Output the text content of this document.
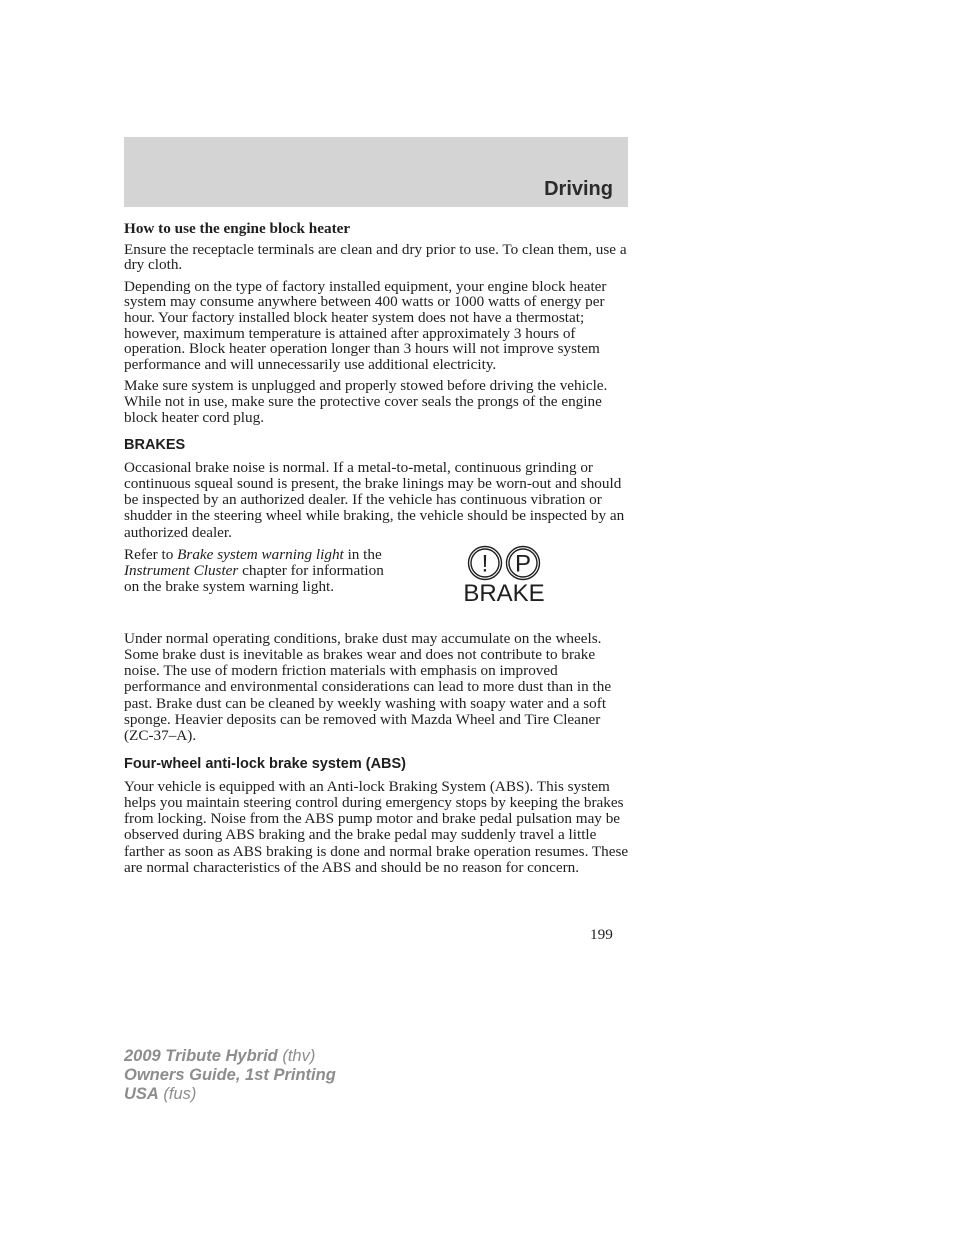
Driving
How to use the engine block heater

Ensure the receptacle terminals are clean and dry prior to use. To clean them, use a dry cloth.

Depending on the type of factory installed equipment, your engine block heater system may consume anywhere between 400 watts or 1000 watts of energy per hour. Your factory installed block heater system does not have a thermostat; however, maximum temperature is attained after approximately 3 hours of operation. Block heater operation longer than 3 hours will not improve system performance and will unnecessarily use additional electricity.

Make sure system is unplugged and properly stowed before driving the vehicle. While not in use, make sure the protective cover seals the prongs of the engine block heater cord plug.

BRAKES

Occasional brake noise is normal. If a metal-to-metal, continuous grinding or continuous squeal sound is present, the brake linings may be worn-out and should be inspected by an authorized dealer. If the vehicle has continuous vibration or shudder in the steering wheel while braking, the vehicle should be inspected by an authorized dealer.

Refer to Brake system warning light in the Instrument Cluster chapter for information on the brake system warning light.
! P
BRAKE

Under normal operating conditions, brake dust may accumulate on the wheels. Some brake dust is inevitable as brakes wear and does not contribute to brake noise. The use of modern friction materials with emphasis on improved performance and environmental considerations can lead to more dust than in the past. Brake dust can be cleaned by weekly washing with soapy water and a soft sponge. Heavier deposits can be removed with Mazda Wheel and Tire Cleaner (ZC-37–A).

Four-wheel anti-lock brake system (ABS)

Your vehicle is equipped with an Anti-lock Braking System (ABS). This system helps you maintain steering control during emergency stops by keeping the brakes from locking. Noise from the ABS pump motor and brake pedal pulsation may be observed during ABS braking and the brake pedal may suddenly travel a little farther as soon as ABS braking is done and normal brake operation resumes. These are normal characteristics of the ABS and should be no reason for concern.

199
2009 Tribute Hybrid (thv)
Owners Guide, 1st Printing
USA (fus)
